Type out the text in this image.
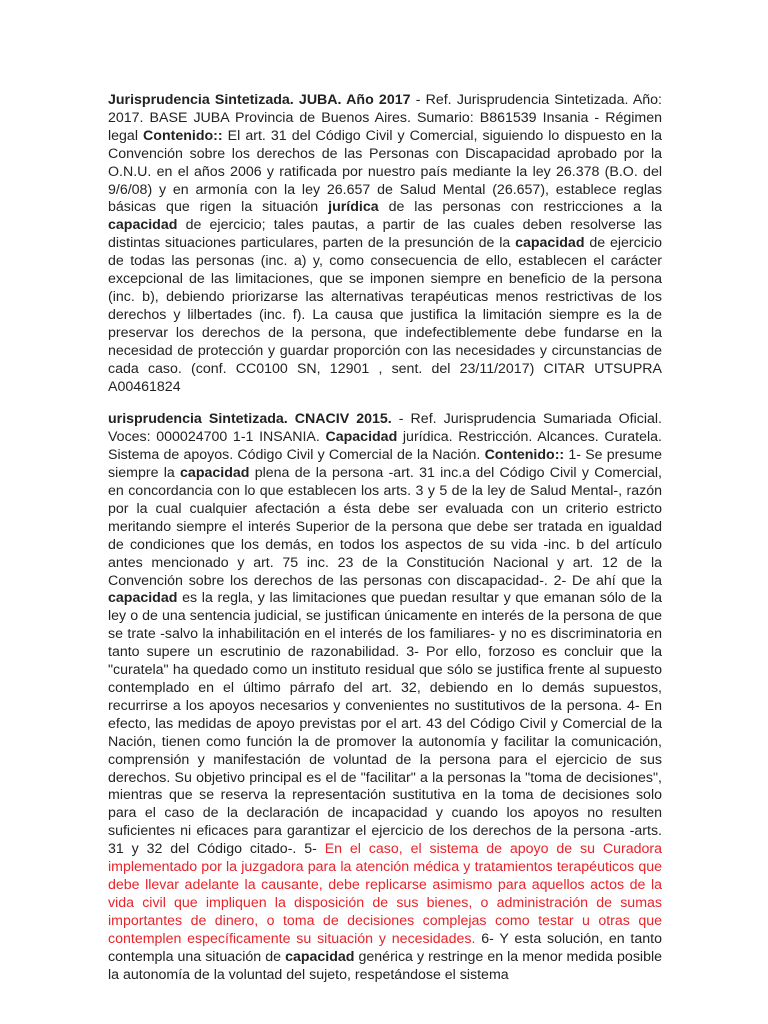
Jurisprudencia Sintetizada. JUBA. Año 2017 - Ref. Jurisprudencia Sintetizada. Año: 2017. BASE JUBA Provincia de Buenos Aires. Sumario: B861539 Insania - Régimen legal Contenido:: El art. 31 del Código Civil y Comercial, siguiendo lo dispuesto en la Convención sobre los derechos de las Personas con Discapacidad aprobado por la O.N.U. en el años 2006 y ratificada por nuestro país mediante la ley 26.378 (B.O. del 9/6/08) y en armonía con la ley 26.657 de Salud Mental (26.657), establece reglas básicas que rigen la situación jurídica de las personas con restricciones a la capacidad de ejercicio; tales pautas, a partir de las cuales deben resolverse las distintas situaciones particulares, parten de la presunción de la capacidad de ejercicio de todas las personas (inc. a) y, como consecuencia de ello, establecen el carácter excepcional de las limitaciones, que se imponen siempre en beneficio de la persona (inc. b), debiendo priorizarse las alternativas terapéuticas menos restrictivas de los derechos y lilbertades (inc. f). La causa que justifica la limitación siempre es la de preservar los derechos de la persona, que indefectiblemente debe fundarse en la necesidad de protección y guardar proporción con las necesidades y circunstancias de cada caso. (conf. CC0100 SN, 12901 , sent. del 23/11/2017) CITAR UTSUPRA A00461824

urisprudencia Sintetizada. CNACIV 2015. - Ref. Jurisprudencia Sumariada Oficial. Voces: 000024700 1-1 INSANIA. Capacidad jurídica. Restricción. Alcances. Curatela. Sistema de apoyos. Código Civil y Comercial de la Nación. Contenido:: 1- Se presume siempre la capacidad plena de la persona -art. 31 inc.a del Código Civil y Comercial, en concordancia con lo que establecen los arts. 3 y 5 de la ley de Salud Mental-, razón por la cual cualquier afectación a ésta debe ser evaluada con un criterio estricto meritando siempre el interés Superior de la persona que debe ser tratada en igualdad de condiciones que los demás, en todos los aspectos de su vida -inc. b del artículo antes mencionado y art. 75 inc. 23 de la Constitución Nacional y art. 12 de la Convención sobre los derechos de las personas con discapacidad-. 2- De ahí que la capacidad es la regla, y las limitaciones que puedan resultar y que emanan sólo de la ley o de una sentencia judicial, se justifican únicamente en interés de la persona de que se trate -salvo la inhabilitación en el interés de los familiares- y no es discriminatoria en tanto supere un escrutinio de razonabilidad. 3- Por ello, forzoso es concluir que la "curatela" ha quedado como un instituto residual que sólo se justifica frente al supuesto contemplado en el último párrafo del art. 32, debiendo en lo demás supuestos, recurrirse a los apoyos necesarios y convenientes no sustitutivos de la persona. 4- En efecto, las medidas de apoyo previstas por el art. 43 del Código Civil y Comercial de la Nación, tienen como función la de promover la autonomía y facilitar la comunicación, comprensión y manifestación de voluntad de la persona para el ejercicio de sus derechos. Su objetivo principal es el de "facilitar" a la personas la "toma de decisiones", mientras que se reserva la representación sustitutiva en la toma de decisiones solo para el caso de la declaración de incapacidad y cuando los apoyos no resulten suficientes ni eficaces para garantizar el ejercicio de los derechos de la persona -arts. 31 y 32 del Código citado-. 5- En el caso, el sistema de apoyo de su Curadora implementado por la juzgadora para la atención médica y tratamientos terapéuticos que debe llevar adelante la causante, debe replicarse asimismo para aquellos actos de la vida civil que impliquen la disposición de sus bienes, o administración de sumas importantes de dinero, o toma de decisiones complejas como testar u otras que contemplen específicamente su situación y necesidades. 6- Y esta solución, en tanto contempla una situación de capacidad genérica y restringe en la menor medida posible la autonomía de la voluntad del sujeto, respetándose el sistema
